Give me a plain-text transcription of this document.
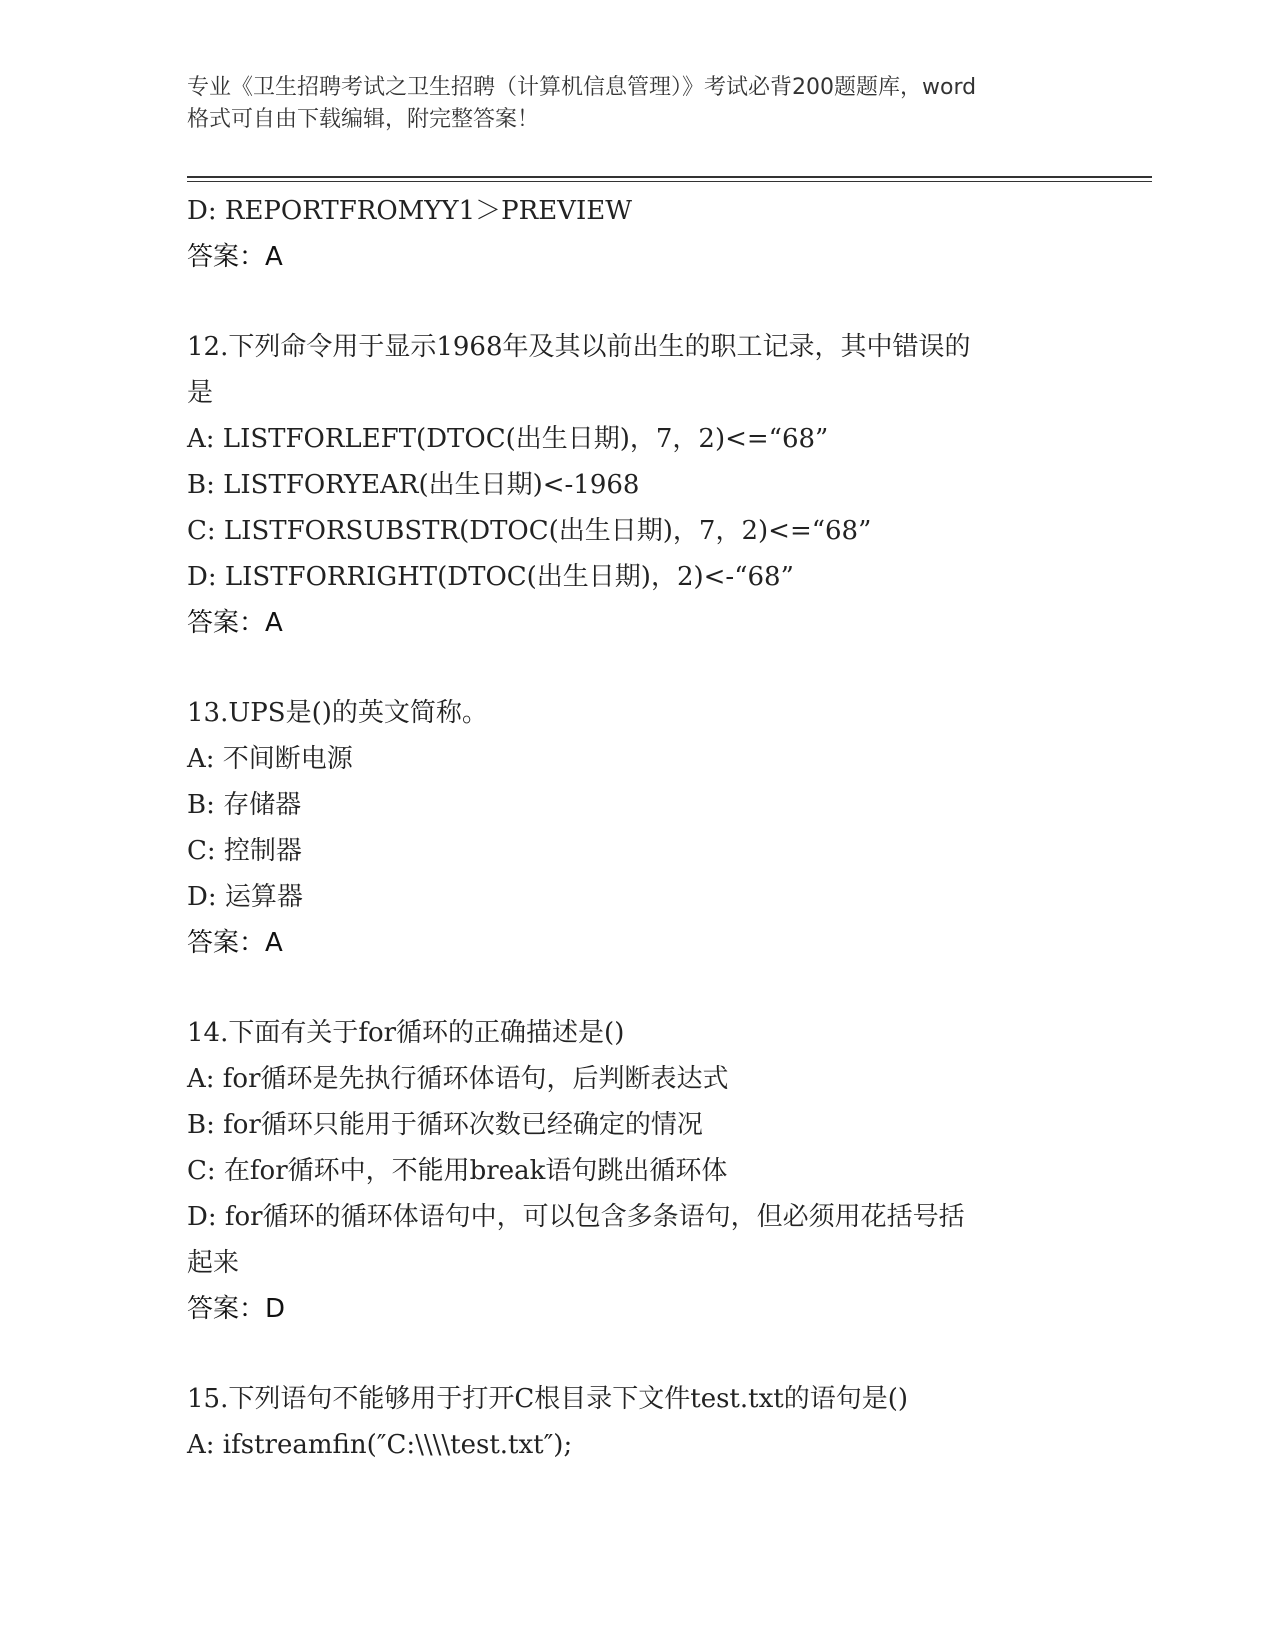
专业《卫生招聘考试之卫生招聘（计算机信息管理）》考试必背200题题库，word
格式可自由下载编辑，附完整答案！
D: REPORTFROMYY1＞PREVIEW
答案：A
12.下列命令用于显示1968年及其以前出生的职工记录，其中错误的
是
A: LISTFORLEFT(DTOC(出生日期)，7，2)<=“68”
B: LISTFORYEAR(出生日期)<-1968
C: LISTFORSUBSTR(DTOC(出生日期)，7，2)<=“68”
D: LISTFORRIGHT(DTOC(出生日期)，2)<-“68”
答案：A
13.UPS是()的英文简称。
A: 不间断电源
B: 存储器
C: 控制器
D: 运算器
答案：A
14.下面有关于for循环的正确描述是()
A: for循环是先执行循环体语句，后判断表达式
B: for循环只能用于循环次数已经确定的情况
C: 在for循环中，不能用break语句跳出循环体
D: for循环的循环体语句中，可以包含多条语句，但必须用花括号括
起来
答案：D
15.下列语句不能够用于打开C根目录下文件test.txt的语句是()
A: ifstreamfin(″C:\\\\test.txt″);
